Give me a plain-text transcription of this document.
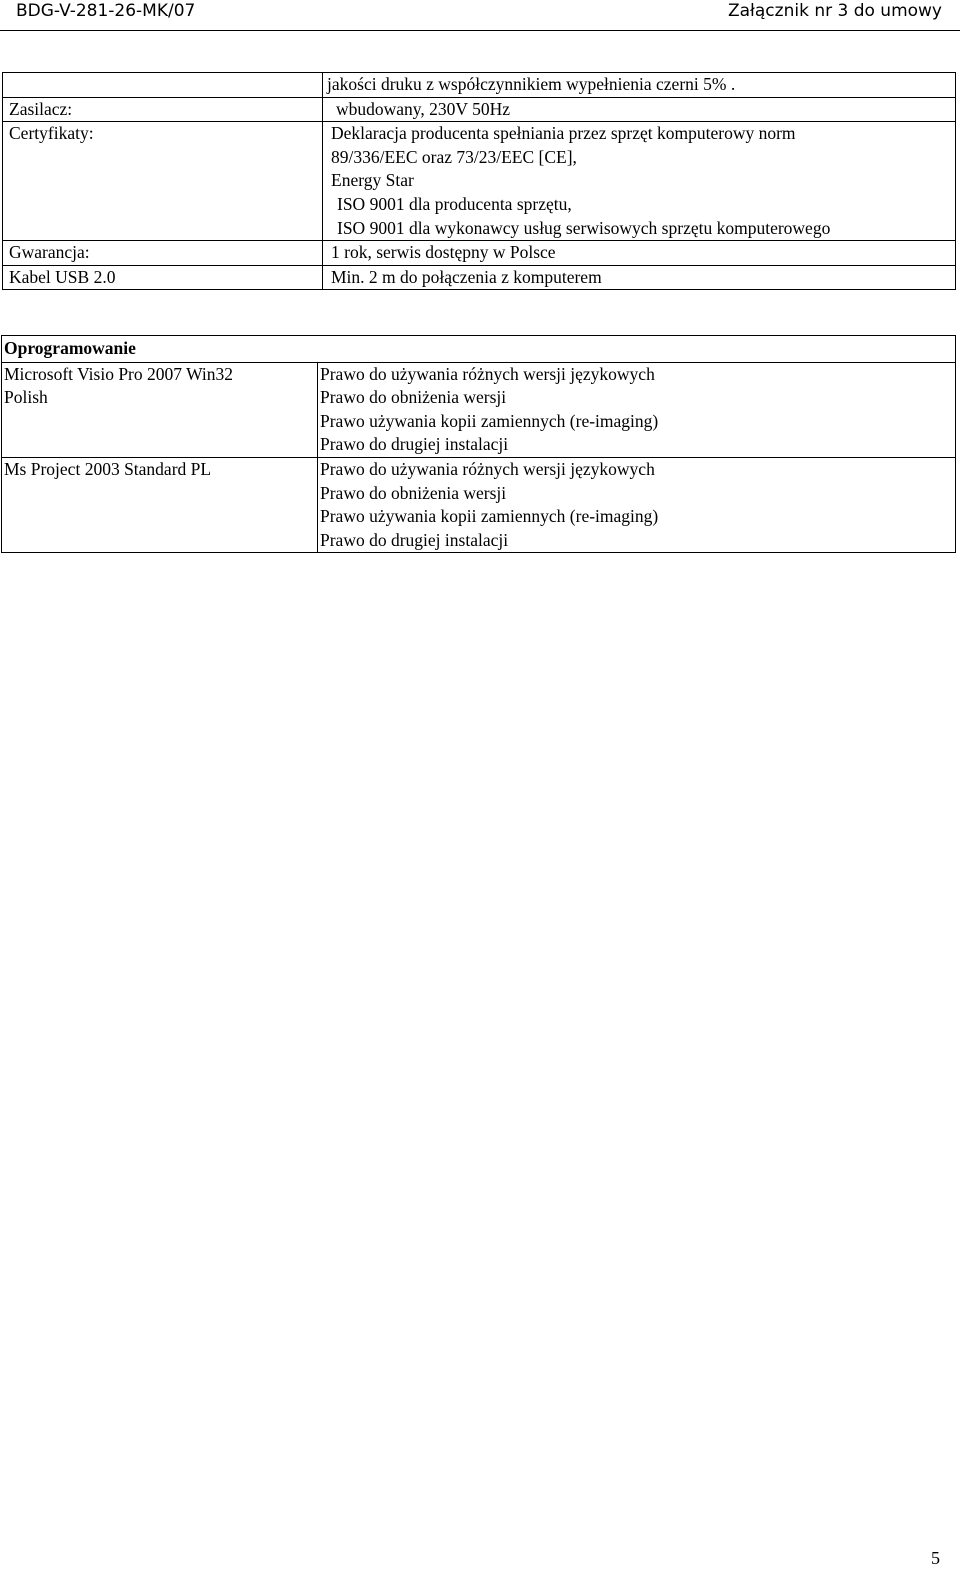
BDG-V-281-26-MK/07	Załącznik nr 3 do umowy

	jakości druku z współczynnikiem wypełnienia czerni 5% .

Zasilacz:	wbudowany, 230V 50Hz

Certyfikaty:	Deklaracja producenta spełniania przez sprzęt komputerowy norm
89/336/EEC oraz 73/23/EEC [CE],
Energy Star
ISO 9001 dla producenta sprzętu,
ISO 9001 dla wykonawcy usług serwisowych sprzętu komputerowego

Gwarancja:	1 rok, serwis dostępny w Polsce

Kabel USB 2.0	Min. 2 m do połączenia z komputerem
Oprogramowanie	

Microsoft Visio Pro 2007 Win32
Polish	Prawo do używania różnych wersji językowych
Prawo do obniżenia wersji
Prawo używania kopii zamiennych (re-imaging)
Prawo do drugiej instalacji

Ms Project 2003 Standard PL	Prawo do używania różnych wersji językowych
Prawo do obniżenia wersji
Prawo używania kopii zamiennych (re-imaging)
Prawo do drugiej instalacji
5
